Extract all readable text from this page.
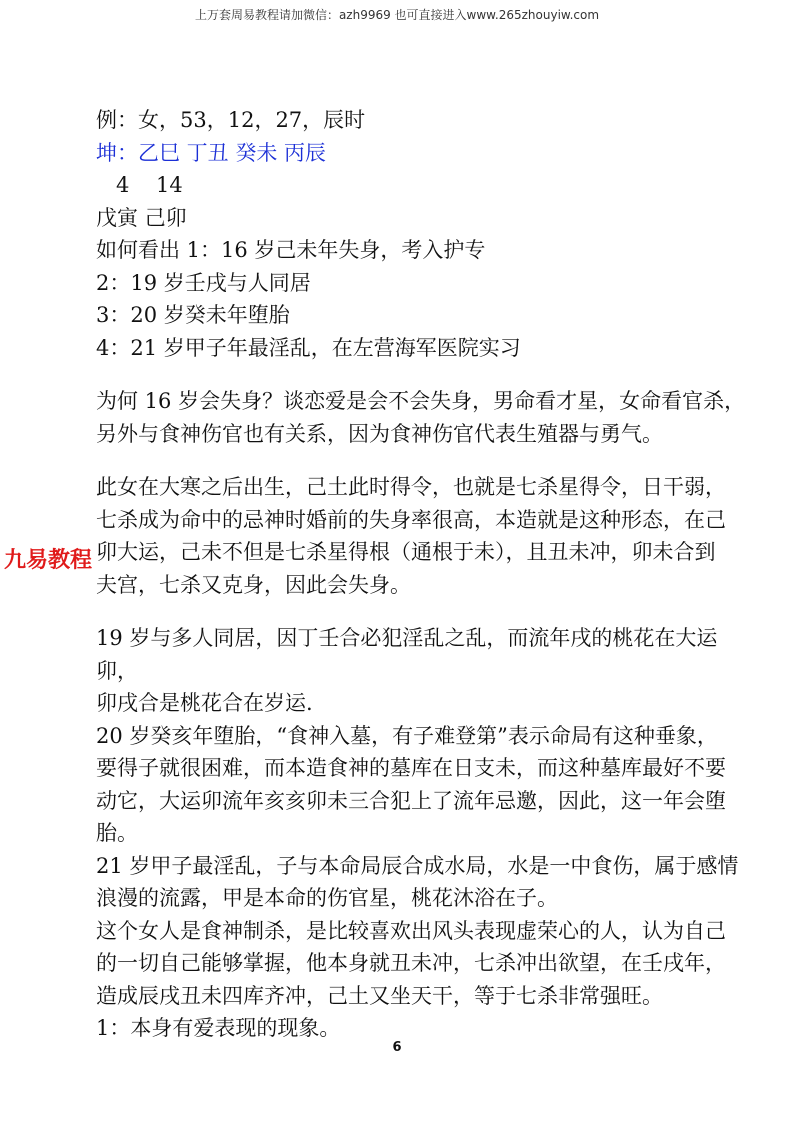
上万套周易教程请加微信：azh9969 也可直接进入www.265zhouyiw.com

例：女，53，12，27，辰时

坤：乙巳 丁丑 癸未 丙辰

4    14

戊寅 己卯

如何看出 1：16 岁己未年失身，考入护专

2：19 岁壬戌与人同居

3：20 岁癸未年堕胎

4：21 岁甲子年最淫乱，在左营海军医院实习

为何 16 岁会失身？谈恋爱是会不会失身，男命看才星，女命看官杀，

另外与食神伤官也有关系，因为食神伤官代表生殖器与勇气。

此女在大寒之后出生，己土此时得令，也就是七杀星得令，日干弱，

七杀成为命中的忌神时婚前的失身率很高，本造就是这种形态，在己

卯大运，己未不但是七杀星得根（通根于未），且丑未冲，卯未合到

夫宫，七杀又克身，因此会失身。

19 岁与多人同居，因丁壬合必犯淫乱之乱，而流年戌的桃花在大运卯，

卯戌合是桃花合在岁运.

20 岁癸亥年堕胎，“食神入墓，有子难登第”表示命局有这种垂象，

要得子就很困难，而本造食神的墓库在日支未，而这种墓库最好不要

动它，大运卯流年亥亥卯未三合犯上了流年忌邀，因此，这一年会堕

胎。

21 岁甲子最淫乱，子与本命局辰合成水局，水是一中食伤，属于感情

浪漫的流露，甲是本命的伤官星，桃花沐浴在子。

这个女人是食神制杀，是比较喜欢出风头表现虚荣心的人，认为自己

的一切自己能够掌握，他本身就丑未冲，七杀冲出欲望，在壬戌年，

造成辰戌丑未四库齐冲，己土又坐天干，等于七杀非常强旺。

1：本身有爱表现的现象。

九易教程
6
